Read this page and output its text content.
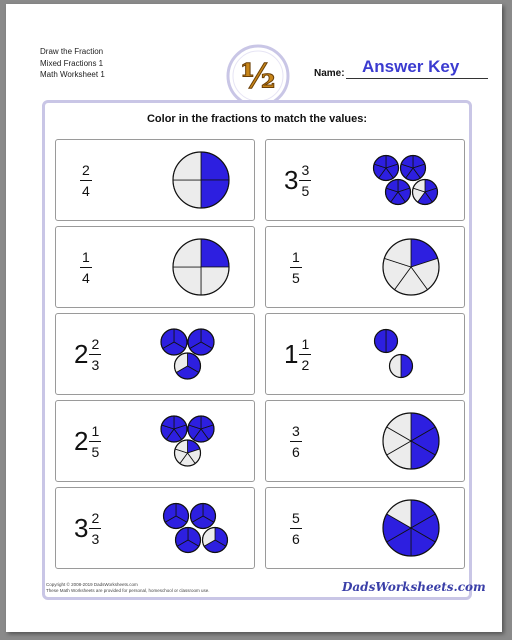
Draw the Fraction
Mixed Fractions 1
Math Worksheet 1	½	Name: Answer Key
Color in the fractions to match the values:
$\frac{2}{4}$	$3 \frac{3}{5}$
$\frac{1}{4}$	$\frac{1}{5}$
$2 \frac{2}{3}$	$1 \frac{1}{2}$
$2 \frac{1}{5}$	$\frac{3}{6}$
$3 \frac{2}{3}$	$\frac{5}{6}$
Copyright © 2008-2019 DadsWorksheets.com
These Math Worksheets are provided for personal, homeschool or classroom use.	DadsWorksheets.com
